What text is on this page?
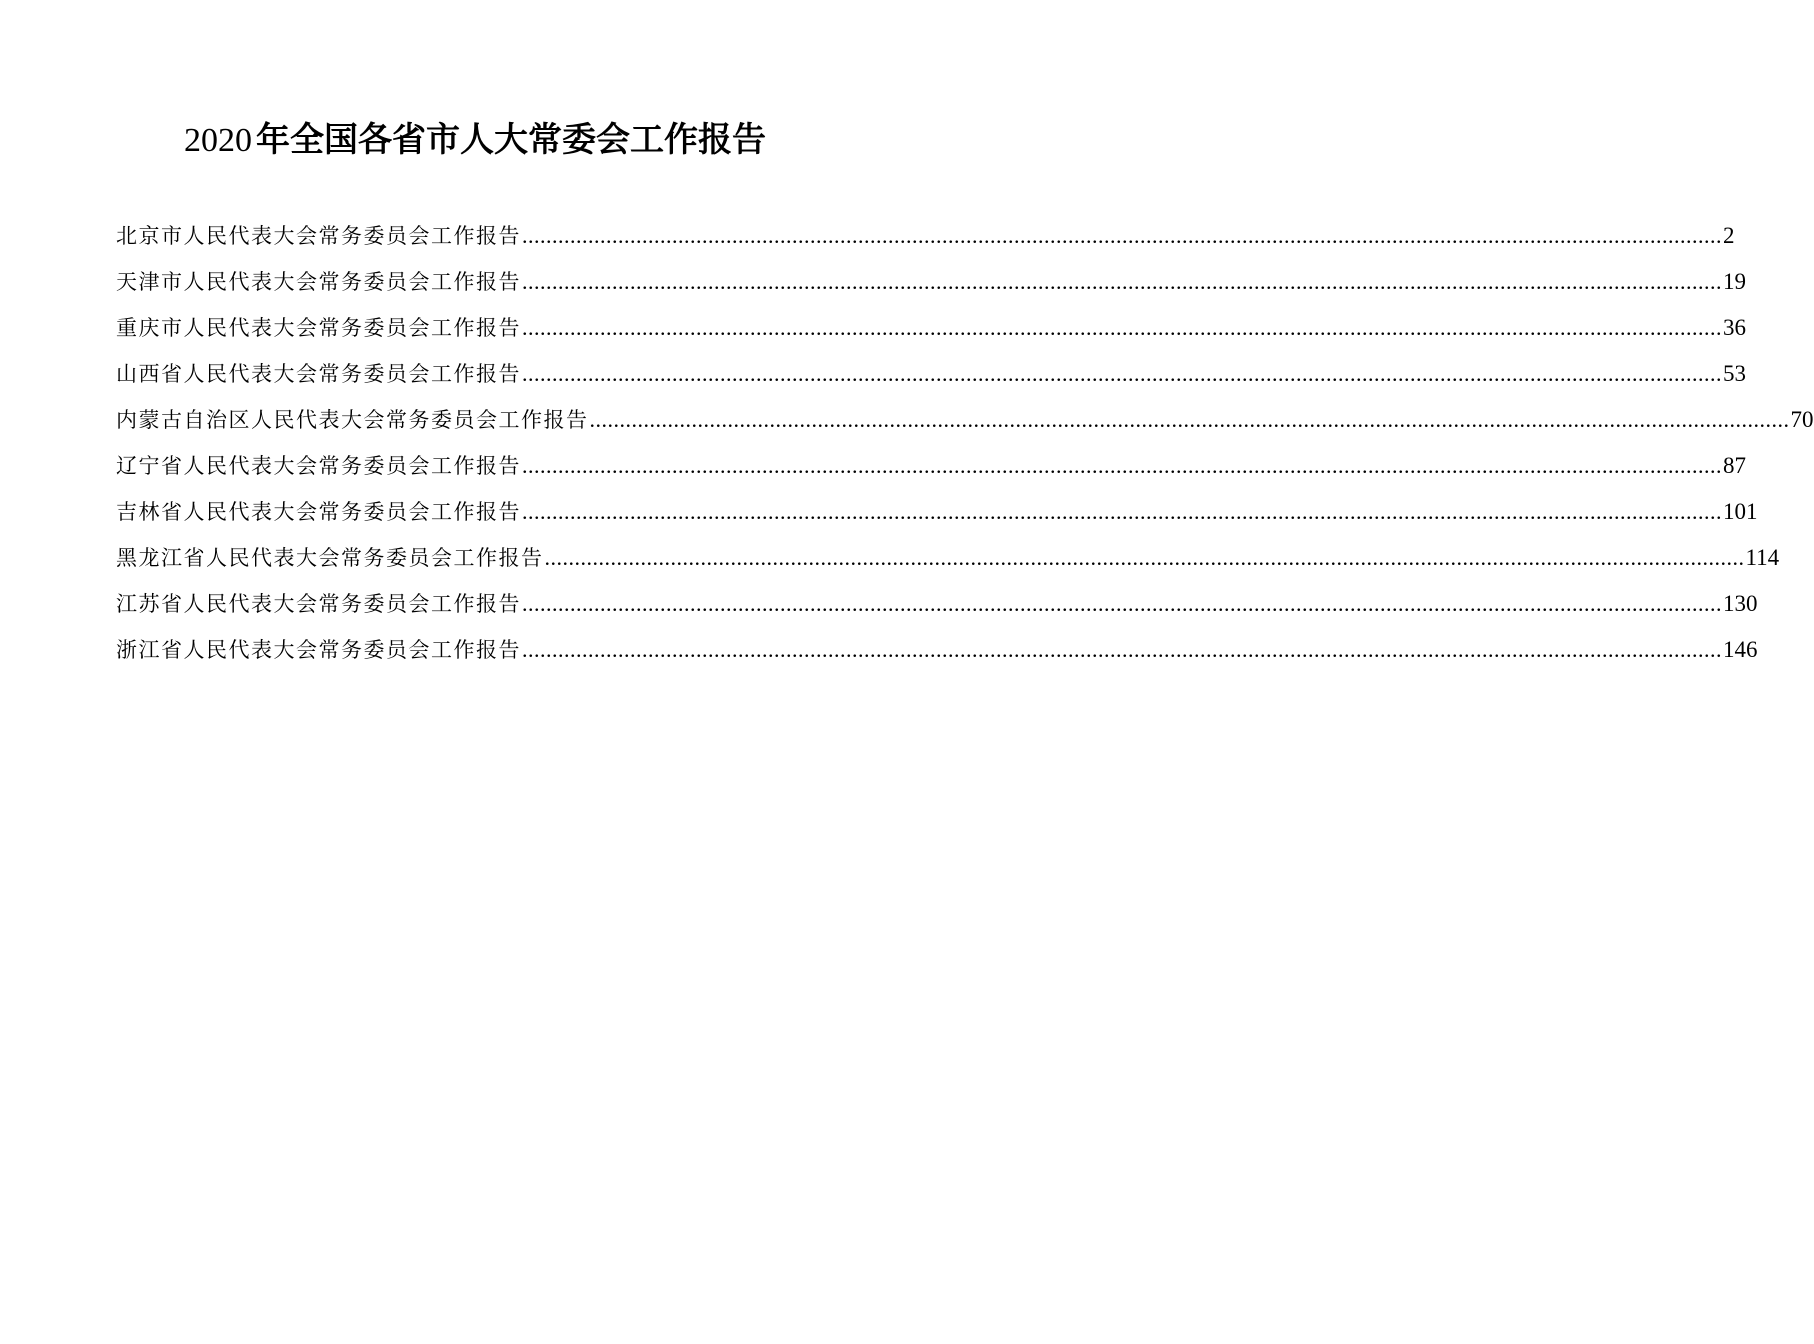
2020 年全国各省市人大常委会工作报告
北京市人民代表大会常务委员会工作报告 ........................................................................................................................................................................................................ 2
天津市人民代表大会常务委员会工作报告 ........................................................................................................................................................................................................ 19
重庆市人民代表大会常务委员会工作报告 ........................................................................................................................................................................................................ 36
山西省人民代表大会常务委员会工作报告 ........................................................................................................................................................................................................ 53
内蒙古自治区人民代表大会常务委员会工作报告 ........................................................................................................................................................................................................ 70
辽宁省人民代表大会常务委员会工作报告 ........................................................................................................................................................................................................ 87
吉林省人民代表大会常务委员会工作报告 ........................................................................................................................................................................................................ 101
黑龙江省人民代表大会常务委员会工作报告 ........................................................................................................................................................................................................ 114
江苏省人民代表大会常务委员会工作报告 ........................................................................................................................................................................................................ 130
浙江省人民代表大会常务委员会工作报告 ........................................................................................................................................................................................................ 146
